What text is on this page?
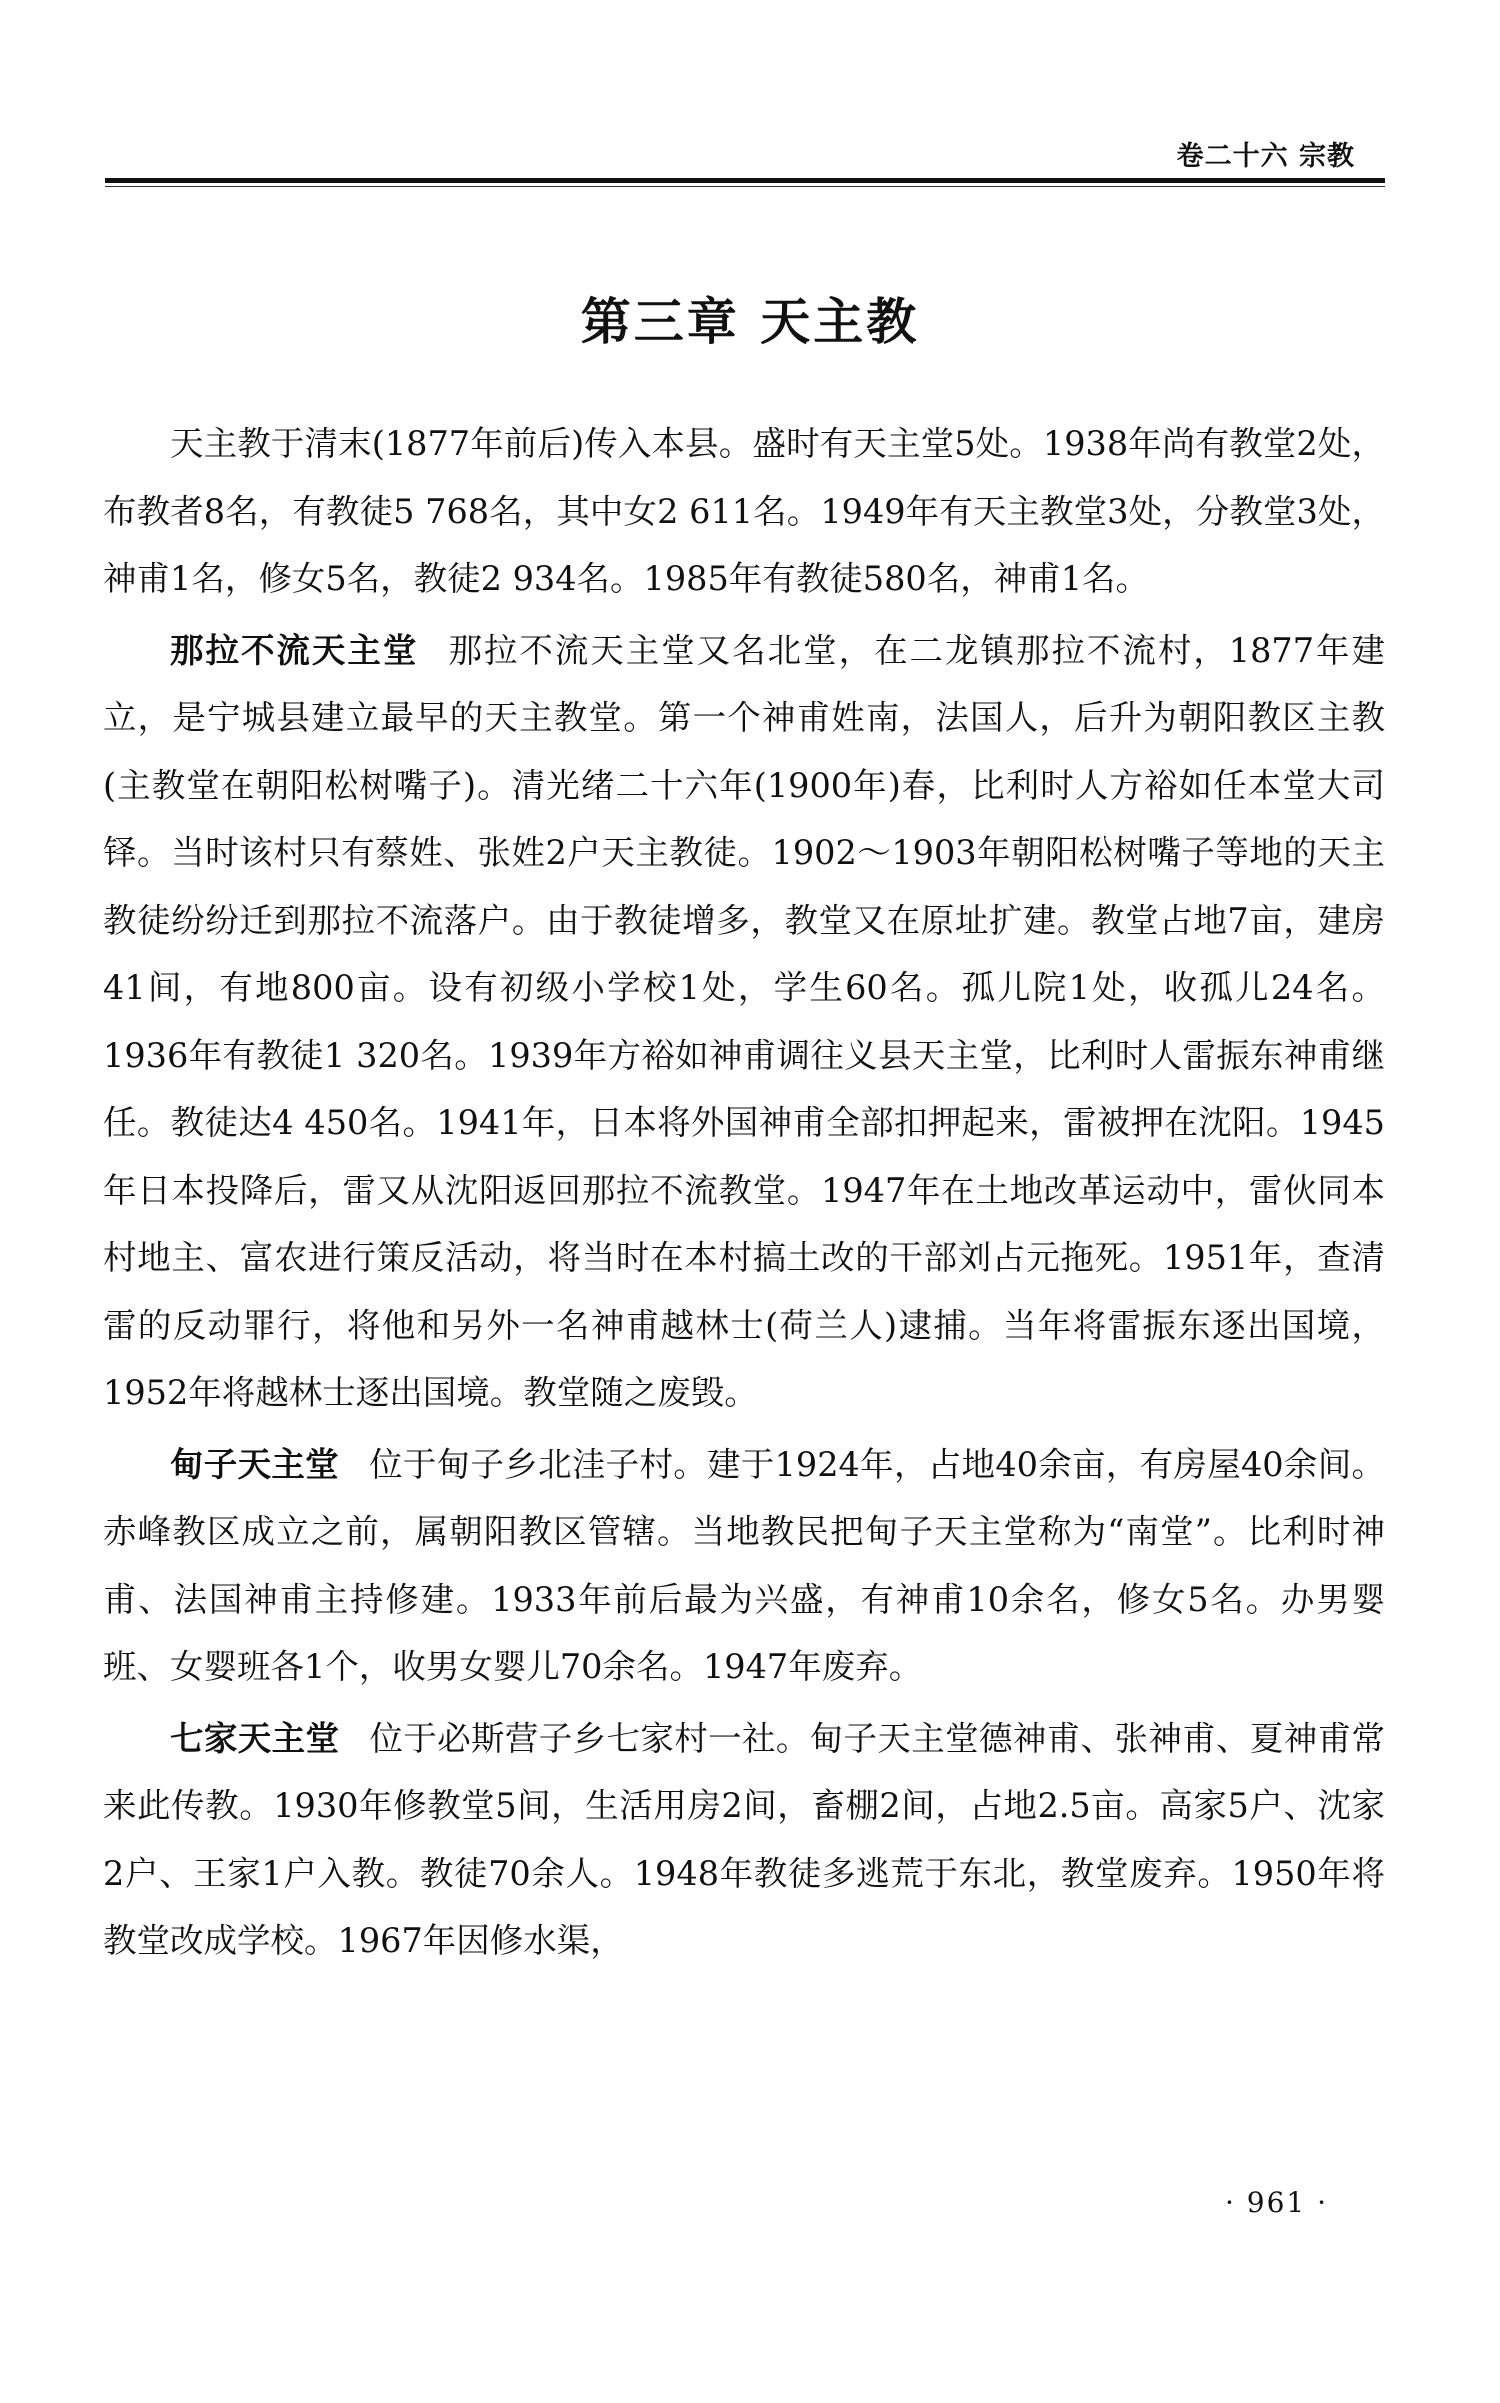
卷二十六 宗教
第三章 天主教

天主教于清末(1877年前后)传入本县。盛时有天主堂5处。1938年尚有教堂2处，布教者8名，有教徒5 768名，其中女2 611名。1949年有天主教堂3处，分教堂3处，神甫1名，修女5名，教徒2 934名。1985年有教徒580名，神甫1名。

那拉不流天主堂 那拉不流天主堂又名北堂，在二龙镇那拉不流村，1877年建立，是宁城县建立最早的天主教堂。第一个神甫姓南，法国人，后升为朝阳教区主教(主教堂在朝阳松树嘴子)。清光绪二十六年(1900年)春，比利时人方裕如任本堂大司铎。当时该村只有蔡姓、张姓2户天主教徒。1902～1903年朝阳松树嘴子等地的天主教徒纷纷迁到那拉不流落户。由于教徒增多，教堂又在原址扩建。教堂占地7亩，建房41间，有地800亩。设有初级小学校1处，学生60名。孤儿院1处，收孤儿24名。1936年有教徒1 320名。1939年方裕如神甫调往义县天主堂，比利时人雷振东神甫继任。教徒达4 450名。1941年，日本将外国神甫全部扣押起来，雷被押在沈阳。1945年日本投降后，雷又从沈阳返回那拉不流教堂。1947年在土地改革运动中，雷伙同本村地主、富农进行策反活动，将当时在本村搞土改的干部刘占元拖死。1951年，查清雷的反动罪行，将他和另外一名神甫越林士(荷兰人)逮捕。当年将雷振东逐出国境，1952年将越林士逐出国境。教堂随之废毁。

甸子天主堂 位于甸子乡北洼子村。建于1924年，占地40余亩，有房屋40余间。赤峰教区成立之前，属朝阳教区管辖。当地教民把甸子天主堂称为“南堂”。比利时神甫、法国神甫主持修建。1933年前后最为兴盛，有神甫10余名，修女5名。办男婴班、女婴班各1个，收男女婴儿70余名。1947年废弃。

七家天主堂 位于必斯营子乡七家村一社。甸子天主堂德神甫、张神甫、夏神甫常来此传教。1930年修教堂5间，生活用房2间，畜棚2间，占地2.5亩。高家5户、沈家2户、王家1户入教。教徒70余人。1948年教徒多逃荒于东北，教堂废弃。1950年将教堂改成学校。1967年因修水渠，

· 961 ·
